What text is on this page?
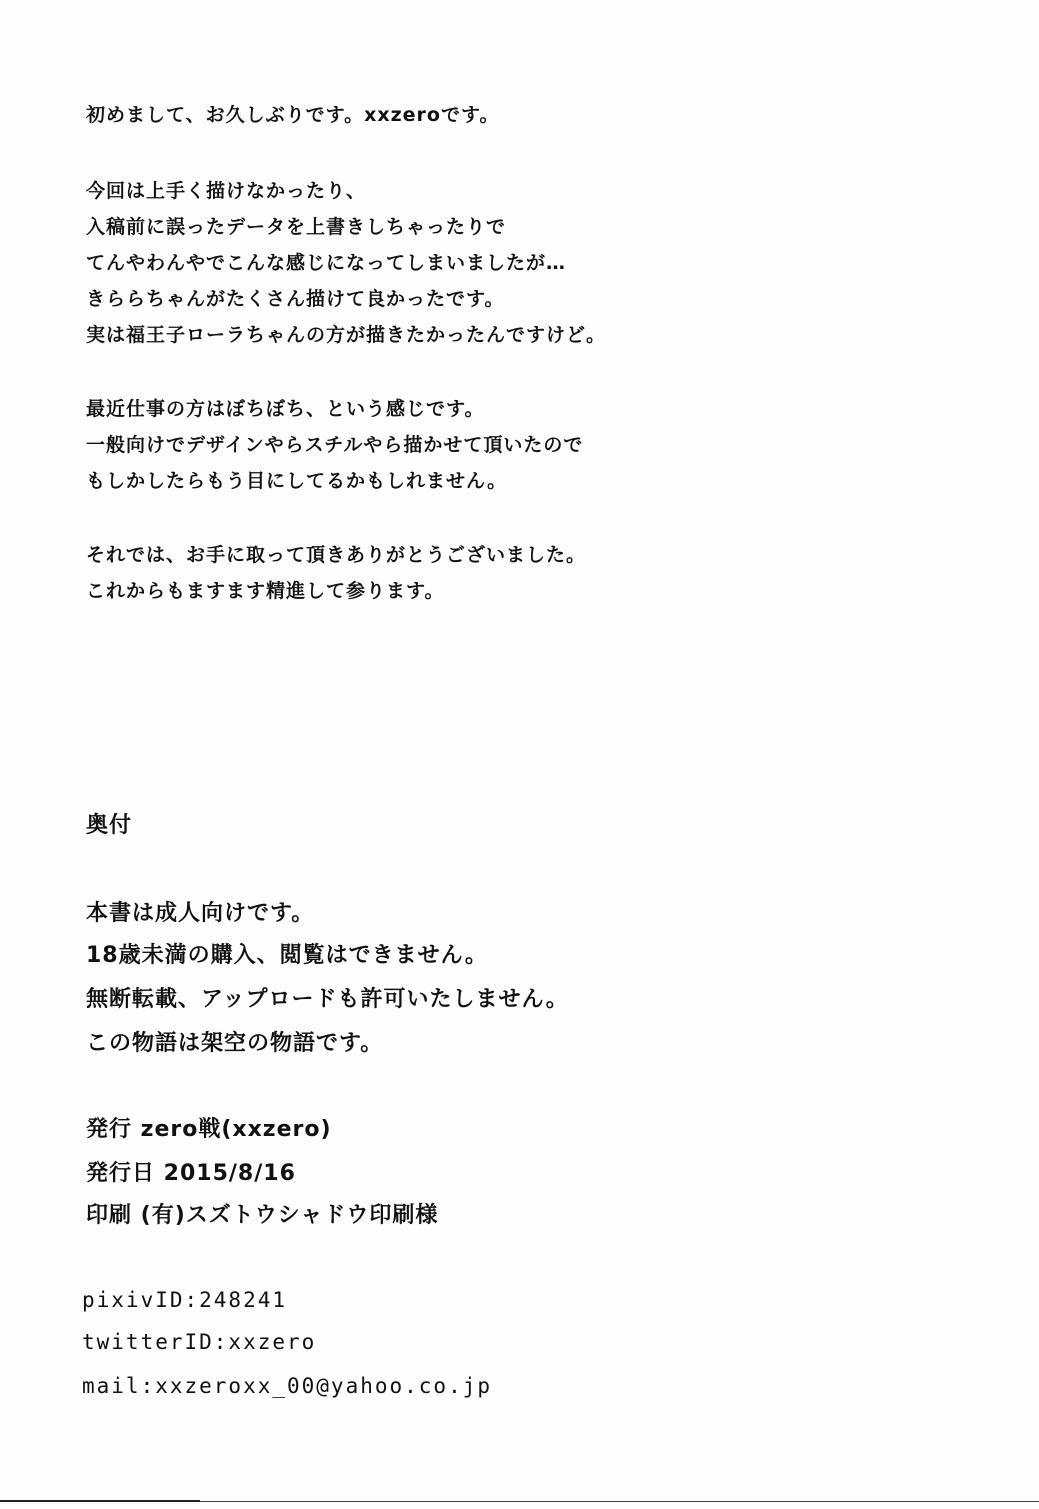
初めまして、お久しぶりです。xxzeroです。
今回は上手く描けなかったり、
入稿前に誤ったデータを上書きしちゃったりで
てんやわんやでこんな感じになってしまいましたが…
きららちゃんがたくさん描けて良かったです。
実は福王子ローラちゃんの方が描きたかったんですけど。
最近仕事の方はぼちぼち、という感じです。
一般向けでデザインやらスチルやら描かせて頂いたので
もしかしたらもう目にしてるかもしれません。
それでは、お手に取って頂きありがとうございました。
これからもますます精進して参ります。
奥付
本書は成人向けです。
18歳未満の購入、閲覧はできません。
無断転載、アップロードも許可いたしません。
この物語は架空の物語です。
発行 zero戦(xxzero)
発行日 2015/8/16
印刷 (有)スズトウシャドウ印刷様
pixivID:248241
twitterID:xxzero
mail:xxzeroxx_00@yahoo.co.jp
